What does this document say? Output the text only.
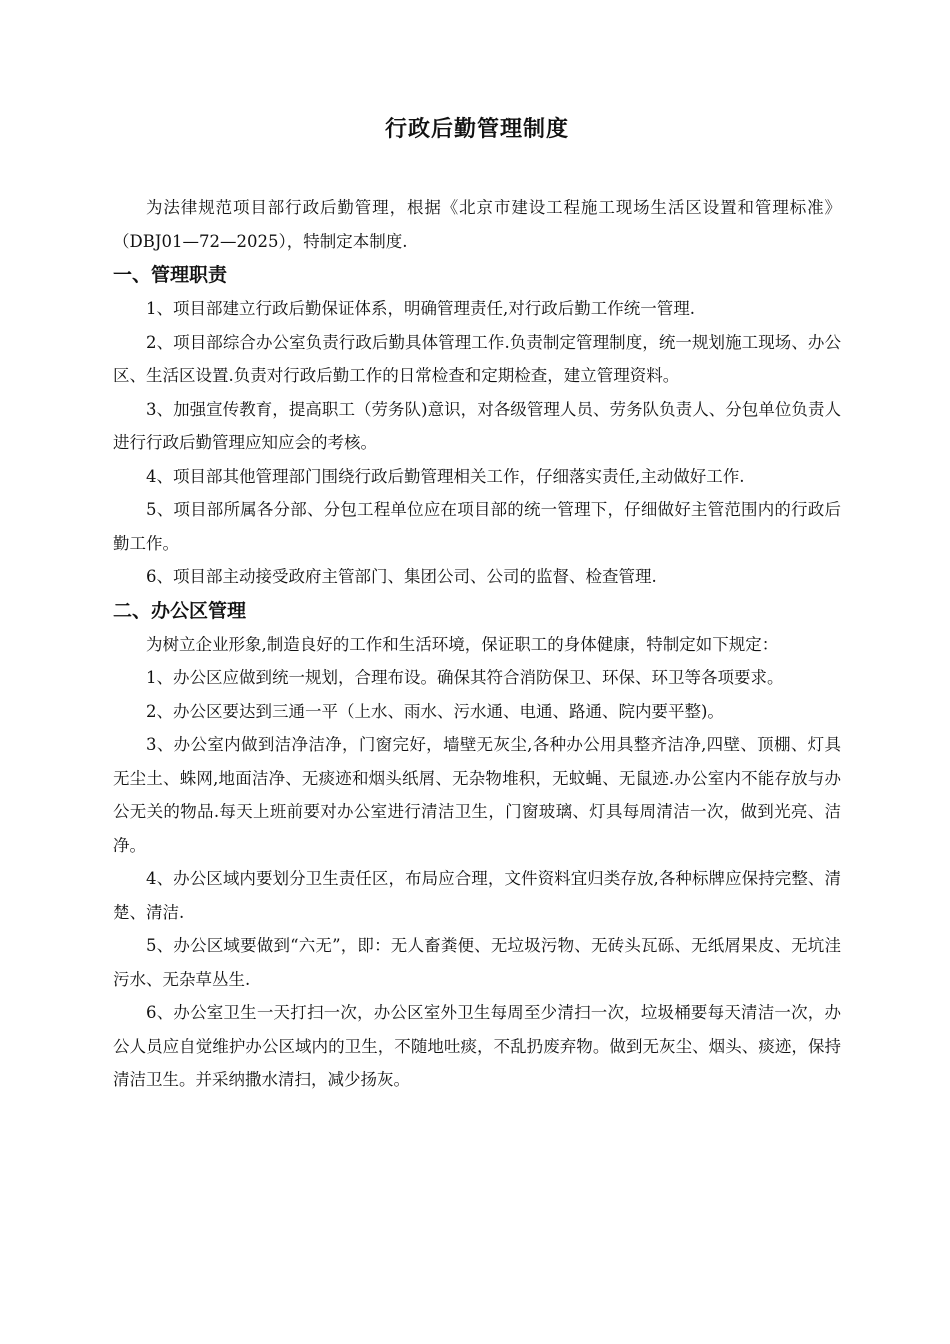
行政后勤管理制度

为法律规范项目部行政后勤管理，根据《北京市建设工程施工现场生活区设置和管理标准》（DBJ01—72—2025），特制定本制度.

一、管理职责

1、项目部建立行政后勤保证体系，明确管理责任,对行政后勤工作统一管理.

2、项目部综合办公室负责行政后勤具体管理工作.负责制定管理制度，统一规划施工现场、办公区、生活区设置.负责对行政后勤工作的日常检查和定期检查，建立管理资料。

3、加强宣传教育，提高职工（劳务队)意识，对各级管理人员、劳务队负责人、分包单位负责人进行行政后勤管理应知应会的考核。

4、项目部其他管理部门围绕行政后勤管理相关工作，仔细落实责任,主动做好工作.

5、项目部所属各分部、分包工程单位应在项目部的统一管理下，仔细做好主管范围内的行政后勤工作。

6、项目部主动接受政府主管部门、集团公司、公司的监督、检查管理.

二、办公区管理

为树立企业形象,制造良好的工作和生活环境，保证职工的身体健康，特制定如下规定：

1、办公区应做到统一规划，合理布设。确保其符合消防保卫、环保、环卫等各项要求。

2、办公区要达到三通一平（上水、雨水、污水通、电通、路通、院内要平整)。

3、办公室内做到洁净洁净，门窗完好，墙壁无灰尘,各种办公用具整齐洁净,四壁、顶棚、灯具无尘土、蛛网,地面洁净、无痰迹和烟头纸屑、无杂物堆积，无蚊蝇、无鼠迹.办公室内不能存放与办公无关的物品.每天上班前要对办公室进行清洁卫生，门窗玻璃、灯具每周清洁一次，做到光亮、洁净。

4、办公区域内要划分卫生责任区，布局应合理，文件资料宜归类存放,各种标牌应保持完整、清楚、清洁.

5、办公区域要做到“六无”，即：无人畜粪便、无垃圾污物、无砖头瓦砾、无纸屑果皮、无坑洼污水、无杂草丛生.

6、办公室卫生一天打扫一次，办公区室外卫生每周至少清扫一次，垃圾桶要每天清洁一次，办公人员应自觉维护办公区域内的卫生，不随地吐痰，不乱扔废弃物。做到无灰尘、烟头、痰迹，保持清洁卫生。并采纳撒水清扫，减少扬灰。
